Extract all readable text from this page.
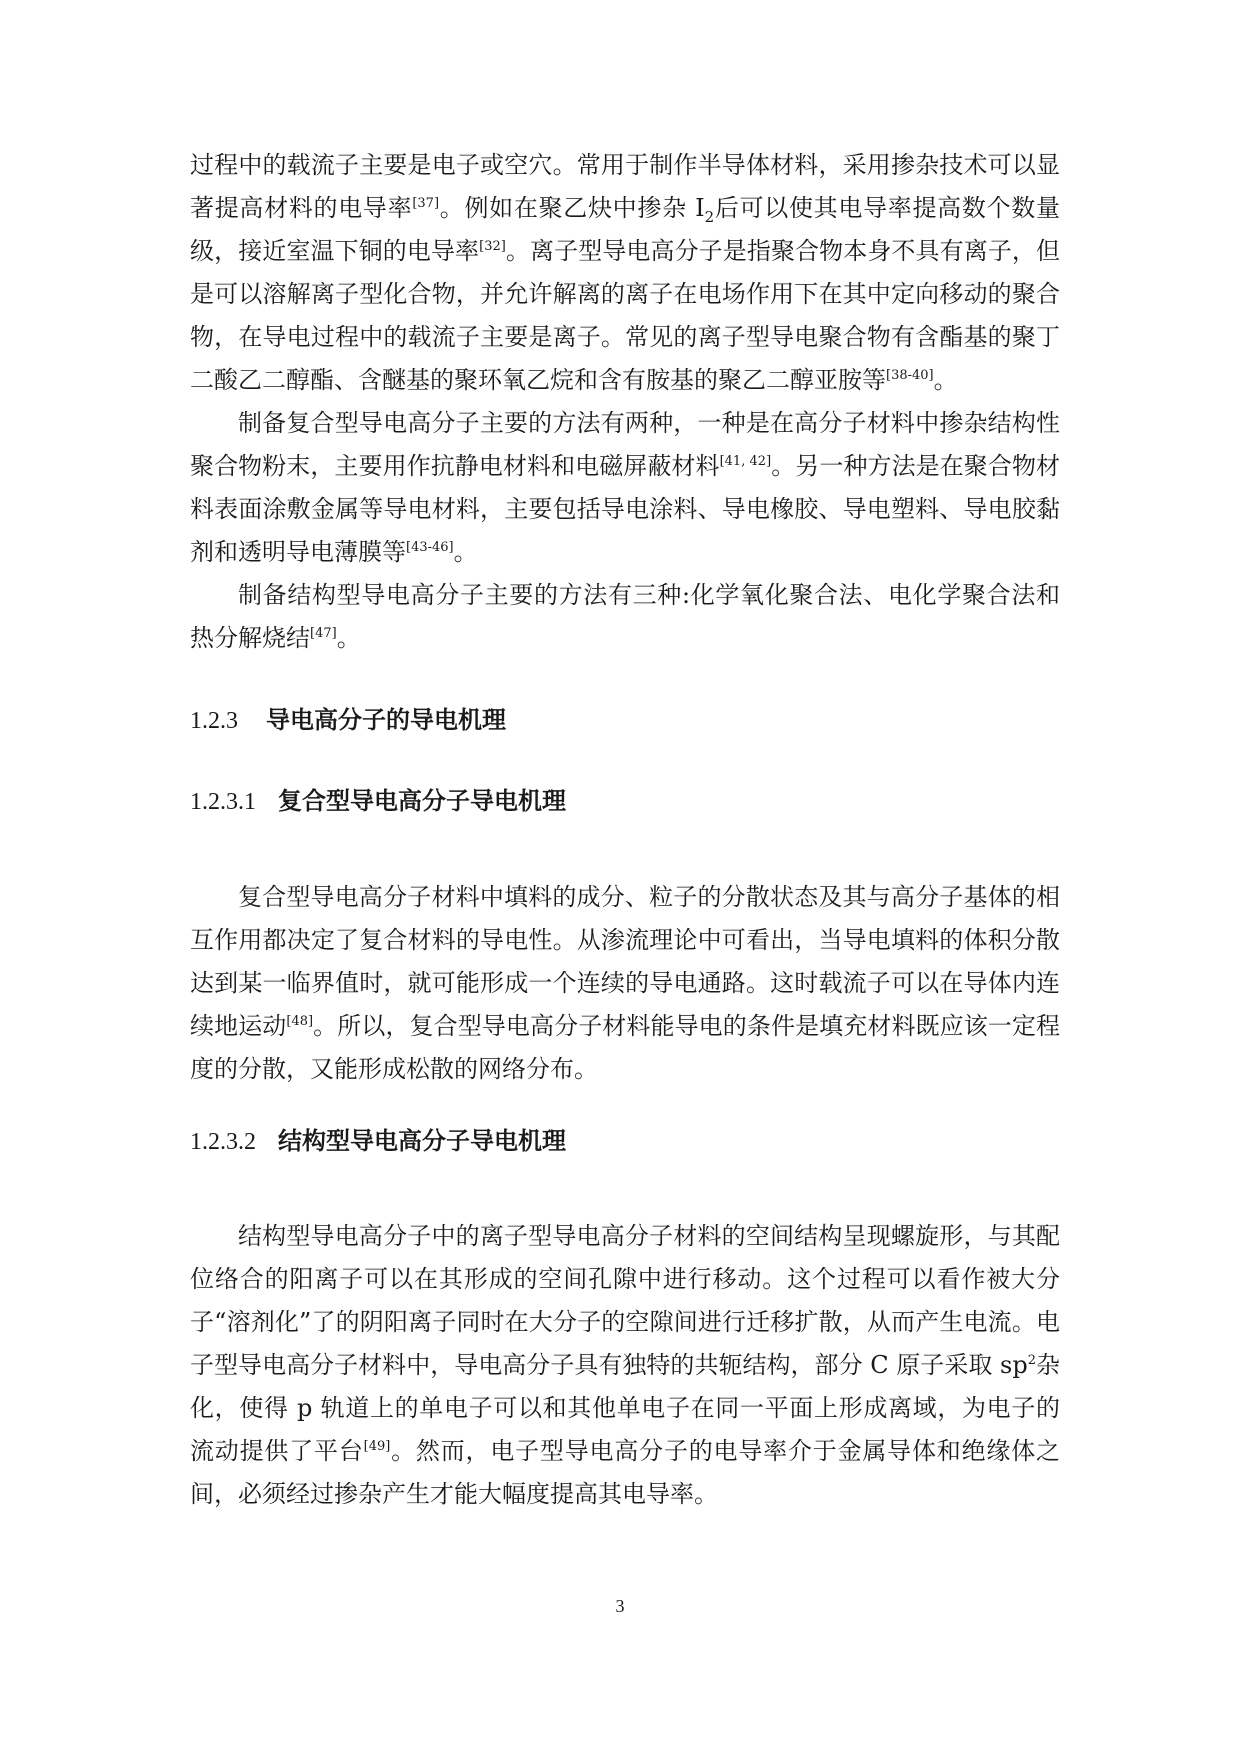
过程中的载流子主要是电子或空穴。常用于制作半导体材料，采用掺杂技术可以显著提高材料的电导率[37]。例如在聚乙炔中掺杂 $I_2$后可以使其电导率提高数个数量级，接近室温下铜的电导率[32]。离子型导电高分子是指聚合物本身不具有离子，但是可以溶解离子型化合物，并允许解离的离子在电场作用下在其中定向移动的聚合物，在导电过程中的载流子主要是离子。常见的离子型导电聚合物有含酯基的聚丁二酸乙二醇酯、含醚基的聚环氧乙烷和含有胺基的聚乙二醇亚胺等[38-40]。

制备复合型导电高分子主要的方法有两种，一种是在高分子材料中掺杂结构性聚合物粉末，主要用作抗静电材料和电磁屏蔽材料[41, 42]。另一种方法是在聚合物材料表面涂敷金属等导电材料，主要包括导电涂料、导电橡胶、导电塑料、导电胶黏剂和透明导电薄膜等[43-46]。

制备结构型导电高分子主要的方法有三种:化学氧化聚合法、电化学聚合法和热分解烧结[47]。

1.2.3 导电高分子的导电机理
1.2.3.1 复合型导电高分子导电机理

复合型导电高分子材料中填料的成分、粒子的分散状态及其与高分子基体的相互作用都决定了复合材料的导电性。从渗流理论中可看出，当导电填料的体积分散达到某一临界值时，就可能形成一个连续的导电通路。这时载流子可以在导体内连续地运动[48]。所以，复合型导电高分子材料能导电的条件是填充材料既应该一定程度的分散，又能形成松散的网络分布。

1.2.3.2 结构型导电高分子导电机理

结构型导电高分子中的离子型导电高分子材料的空间结构呈现螺旋形，与其配位络合的阳离子可以在其形成的空间孔隙中进行移动。这个过程可以看作被大分子“溶剂化”了的阴阳离子同时在大分子的空隙间进行迁移扩散，从而产生电流。电子型导电高分子材料中，导电高分子具有独特的共轭结构，部分 C 原子采取 $sp^2$杂化，使得 p 轨道上的单电子可以和其他单电子在同一平面上形成离域，为电子的流动提供了平台[49]。然而，电子型导电高分子的电导率介于金属导体和绝缘体之间，必须经过掺杂产生才能大幅度提高其电导率。

3
